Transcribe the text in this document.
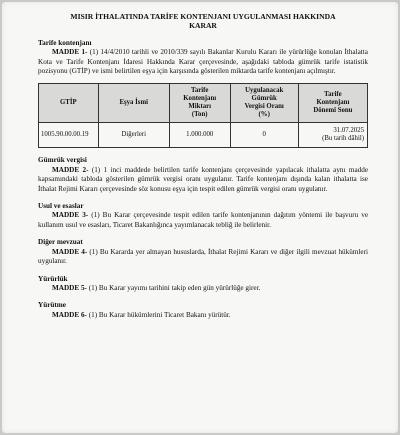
MISIR İTHALATINDA TARİFE KONTENJANI UYGULANMASI HAKKINDA
KARAR
Tarife kontenjanı

MADDE 1- (1) 14/4/2010 tarihli ve 2010/339 sayılı Bakanlar Kurulu Kararı ile yürürlüğe konulan İthalatta Kota ve Tarife Kontenjanı İdaresi Hakkında Karar çerçevesinde, aşağıdaki tabloda gümrük tarife istatistik pozisyonu (GTİP) ve ismi belirtilen eşya için karşısında gösterilen miktarda tarife kontenjanı açılmıştır.

GTİP	Eşya İsmi	Tarife
Kontenjanı
Miktarı
(Ton)	Uygulanacak
Gümrük
Vergisi Oranı
(%)	Tarife
Kontenjanı
Dönemi Sonu
1005.90.00.00.19	Diğerleri	1.000.000	0	31.07.2025
(Bu tarih dâhil)
Gümrük vergisi

MADDE 2- (1) 1 inci maddede belirtilen tarife kontenjanı çerçevesinde yapılacak ithalatta aynı madde kapsamındaki tabloda gösterilen gümrük vergisi oranı uygulanır. Tarife kontenjanı dışında kalan ithalatta ise İthalat Rejimi Kararı çerçevesinde söz konusu eşya için tespit edilen gümrük vergisi oranı uygulanır.

Usul ve esaslar

MADDE 3- (1) Bu Karar çerçevesinde tespit edilen tarife kontenjanının dağıtım yöntemi ile başvuru ve kullanım usul ve esasları, Ticaret Bakanlığınca yayımlanacak tebliğ ile belirlenir.

Diğer mevzuat

MADDE 4- (1) Bu Kararda yer almayan hususlarda, İthalat Rejimi Kararı ve diğer ilgili mevzuat hükümleri uygulanır.

Yürürlük

MADDE 5- (1) Bu Karar yayımı tarihini takip eden gün yürürlüğe girer.

Yürütme

MADDE 6- (1) Bu Karar hükümlerini Ticaret Bakanı yürütür.
